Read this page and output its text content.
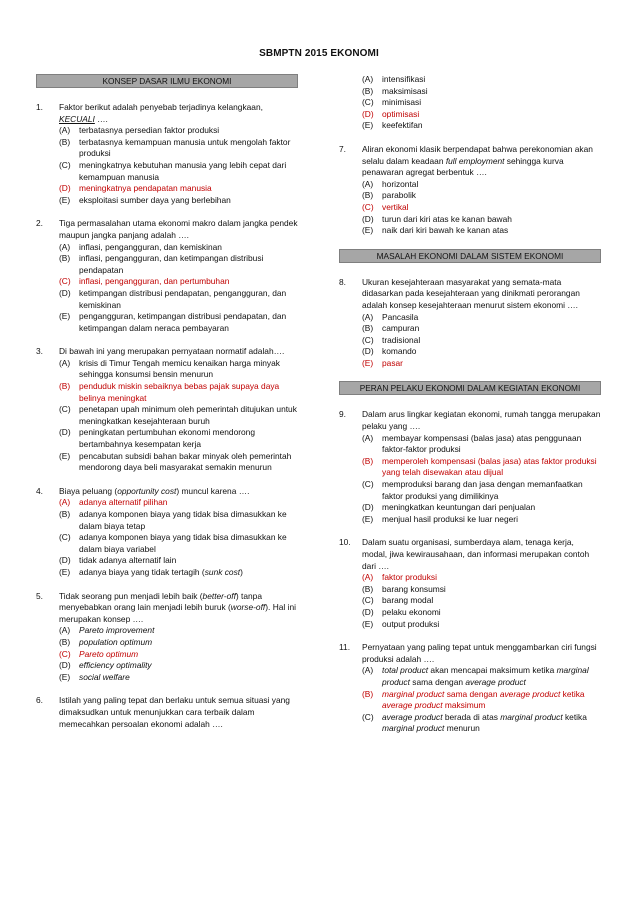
SBMPTN 2015 EKONOMI
KONSEP DASAR ILMU EKONOMI
1.	Faktor berikut adalah penyebab terjadinya kelangkaan, KECUALI ….
(A)	terbatasnya persedian faktor produksi
(B)	terbatasnya kemampuan manusia untuk mengolah faktor produksi
(C) meningkatnya kebutuhan manusia yang lebih cepat dari kemampuan manusia
(D) meningkatnya pendapatan manusia
(E)	eksploitasi sumber daya yang berlebihan
2.	Tiga permasalahan utama ekonomi makro dalam jangka pendek maupun jangka panjang adalah ….
(A)	inflasi, pengangguran, dan kemiskinan
(B)	inflasi, pengangguran, dan ketimpangan distribusi pendapatan
(C) inflasi, pengangguran, dan pertumbuhan
(D) ketimpangan distribusi pendapatan, pengangguran, dan kemiskinan
(E)	pengangguran, ketimpangan distribusi pendapatan, dan ketimpangan dalam neraca pembayaran
3.	Di bawah ini yang merupakan pernyataan normatif adalah….
(A)	krisis di Timur Tengah memicu kenaikan harga minyak sehingga konsumsi bensin menurun
(B)	penduduk miskin sebaiknya bebas pajak supaya daya belinya meningkat
(C) penetapan upah minimum oleh pemerintah ditujukan untuk meningkatkan kesejahteraan buruh
(D) peningkatan pertumbuhan ekonomi mendorong bertambahnya kesempatan kerja
(E)	pencabutan subsidi bahan bakar minyak oleh pemerintah mendorong daya beli masyarakat semakin menurun
4.	Biaya peluang (opportunity cost) muncul karena ….
(A)	adanya alternatif pilihan
(B)	adanya komponen biaya yang tidak bisa dimasukkan ke dalam biaya tetap
(C) adanya komponen biaya yang tidak bisa dimasukkan ke dalam biaya variabel
(D) tidak adanya alternatif lain
(E)	adanya biaya yang tidak tertagih (sunk cost)
5.	Tidak seorang pun menjadi lebih baik (better-off) tanpa menyebabkan orang lain menjadi lebih buruk (worse-off). Hal ini merupakan konsep ….
(A)	Pareto improvement
(B)	population optimum
(C) Pareto optimum
(D) efficiency optimality
(E)	social welfare
6.	Istilah yang paling tepat dan berlaku untuk semua situasi yang dimaksudkan untuk menunjukkan cara terbaik dalam memecahkan persoalan ekonomi adalah ….
(A)	intensifikasi
(B)	maksimisasi
(C) minimisasi
(D) optimisasi
(E)	keefektifan
7.	Aliran ekonomi klasik berpendapat bahwa perekonomian akan selalu dalam keadaan full employment sehingga kurva penawaran agregat berbentuk ….
(A)	horizontal
(B)	parabolik
(C) vertikal
(D) turun dari kiri atas ke kanan bawah
(E)	naik dari kiri bawah ke kanan atas
MASALAH EKONOMI DALAM SISTEM EKONOMI
8.	Ukuran kesejahteraan masyarakat yang semata-mata didasarkan pada kesejahteraan yang dinikmati perorangan adalah konsep kesejahteraan menurut sistem ekonomi ….
(A)	Pancasila
(B)	campuran
(C) tradisional
(D) komando
(E)	pasar
PERAN PELAKU EKONOMI DALAM KEGIATAN EKONOMI
9.	Dalam arus lingkar kegiatan ekonomi, rumah tangga merupakan pelaku yang ….
(A)	membayar kompensasi (balas jasa) atas penggunaan faktor-faktor produksi
(B)	memperoleh kompensasi (balas jasa) atas faktor produksi yang telah disewakan atau dijual
(C) memproduksi barang dan jasa dengan memanfaatkan faktor produksi yang dimilikinya
(D) meningkatkan keuntungan dari penjualan
(E)	menjual hasil produksi ke luar negeri
10.	Dalam suatu organisasi, sumberdaya alam, tenaga kerja, modal, jiwa kewirausahaan, dan informasi merupakan contoh dari ….
(A)	faktor produksi
(B)	barang konsumsi
(C) barang modal
(D) pelaku ekonomi
(E)	output produksi
11.	Pernyataan yang paling tepat untuk menggambarkan ciri fungsi produksi adalah ….
(A)	total product akan mencapai maksimum ketika marginal product sama dengan average product
(B)	marginal product sama dengan average product ketika average product maksimum
(C) average product berada di atas marginal product ketika marginal product menurun
